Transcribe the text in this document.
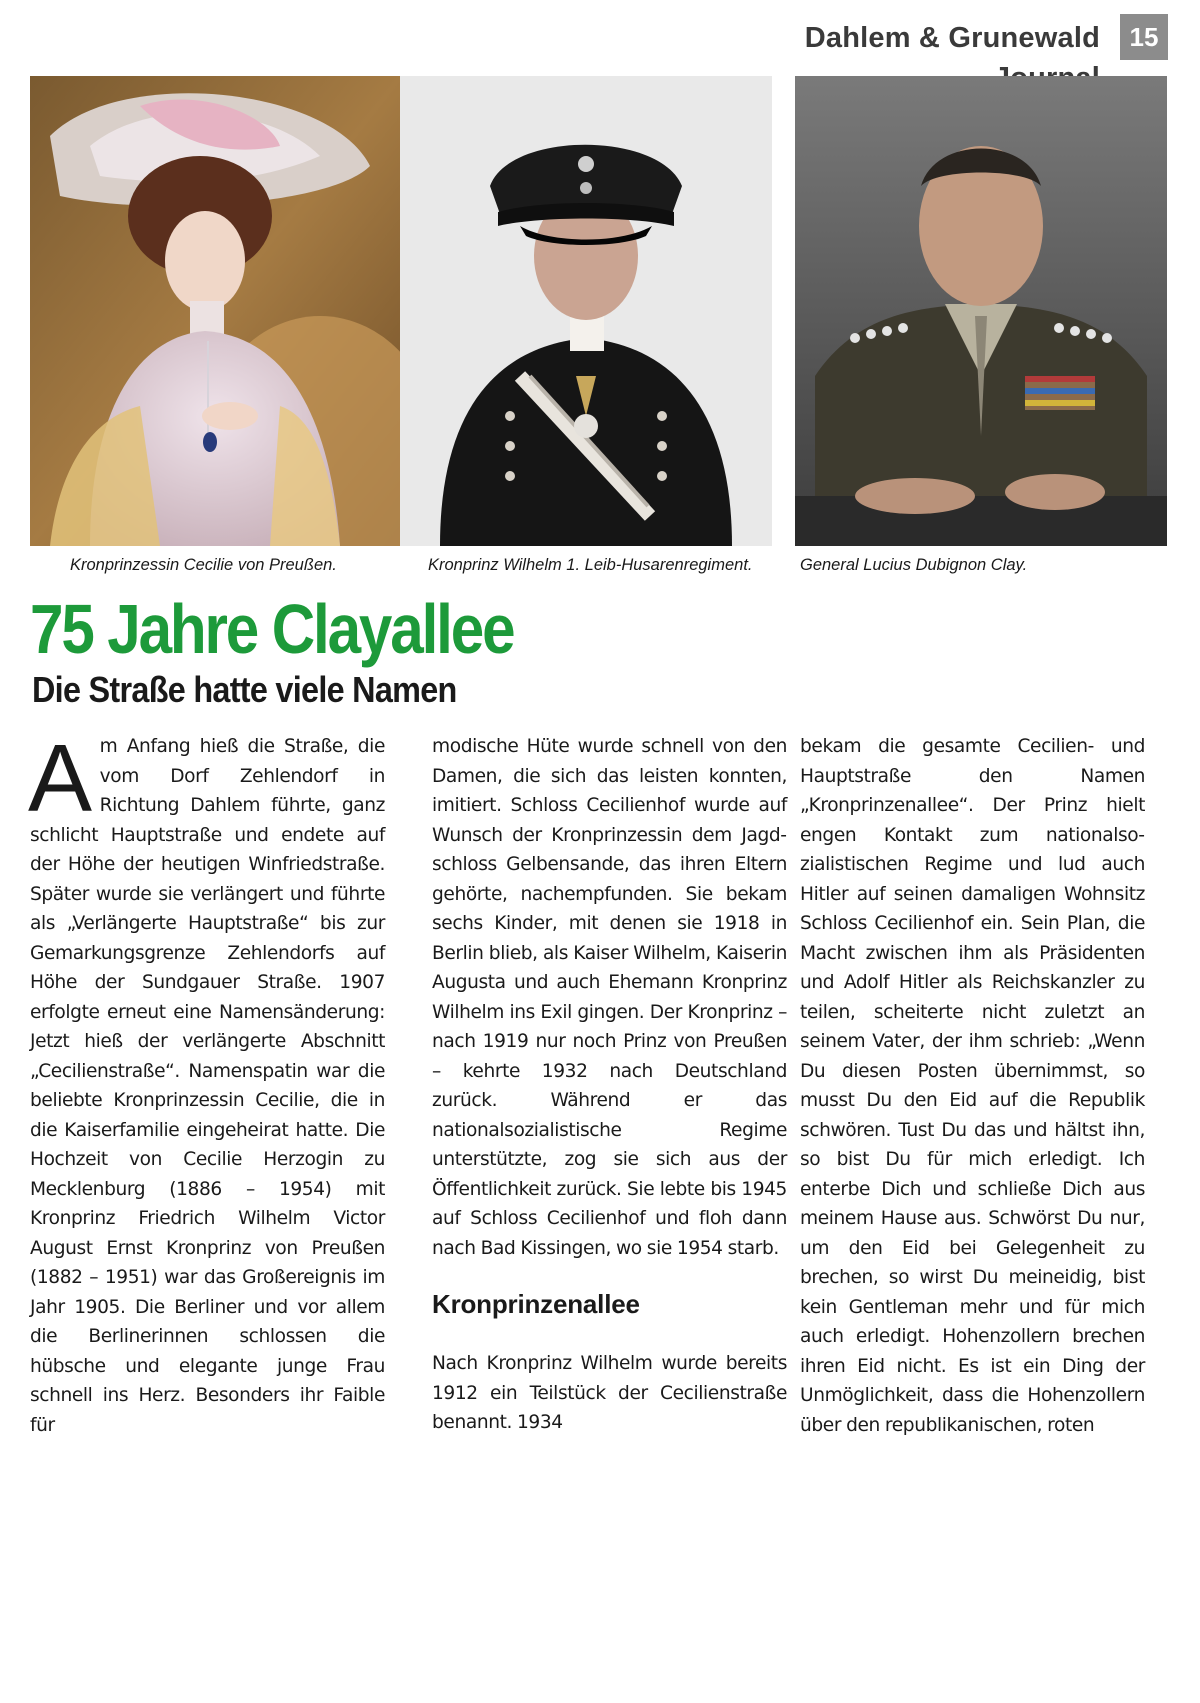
Dahlem & Grunewald	15
Kronprinzessin Cecilie von Preußen.	Kronprinz Wilhelm 1. Leib-Husarenregiment.	General Lucius Dubignon Clay.
75 Jahre Clayallee
Die Straße hatte viele Namen
A m Anfang hieß die Straße, die vom Dorf Zehlendorf in Richtung Dahlem führte, ganz schlicht Hauptstraße und endete auf der Höhe der heutigen Winfriedstraße. Später wurde sie verlängert und führte als „Verlängerte Hauptstraße“ bis zur Gemarkungsgrenze Zehlendorfs auf Höhe der Sundgauer Straße. 1907 erfolgte erneut eine Namensänderung: Jetzt hieß der verlängerte Abschnitt „Cecilienstraße“. Namenspatin war die beliebte Kronprinzessin Cecilie, die in die Kaiserfamilie eingeheirat hatte. Die Hochzeit von Cecilie Herzogin zu Mecklenburg (1886 – 1954) mit Kronprinz Friedrich Wilhelm Victor August Ernst Kronprinz von Preußen (1882 – 1951) war das Großereignis im Jahr 1905. Die Berliner und vor allem die Berlinerinnen schlossen die hübsche und elegante junge Frau schnell ins Herz. Besonders ihr Faible für

modische Hüte wurde schnell von den Damen, die sich das leisten konnten, imitiert. Schloss Cecilienhof wurde auf Wunsch der Kronprinzessin dem Jagdschloss Gelbensande, das ihren Eltern gehörte, nachempfunden. Sie bekam sechs Kinder, mit denen sie 1918 in Berlin blieb, als Kaiser Wilhelm, Kaiserin Augusta und auch Ehemann Kronprinz Wilhelm ins Exil gingen. Der Kronprinz – nach 1919 nur noch Prinz von Preußen – kehrte 1932 nach Deutschland zurück. Während er das nationalsozialistische Regime unterstützte, zog sie sich aus der Öffentlichkeit zurück. Sie lebte bis 1945 auf Schloss Cecilienhof und floh dann nach Bad Kissingen, wo sie 1954 starb.

Kronprinzenallee

Nach Kronprinz Wilhelm wurde bereits 1912 ein Teilstück der Cecilienstraße benannt. 1934

bekam die gesamte Cecilien- und Hauptstraße den Namen „Kronprinzenallee“. Der Prinz hielt engen Kontakt zum nationalsozialistischen Regime und lud auch Hitler auf seinen damaligen Wohnsitz Schloss Cecilienhof ein. Sein Plan, die Macht zwischen ihm als Präsidenten und Adolf Hitler als Reichskanzler zu teilen, scheiterte nicht zuletzt an seinem Vater, der ihm schrieb: „Wenn Du diesen Posten übernimmst, so musst Du den Eid auf die Republik schwören. Tust Du das und hältst ihn, so bist Du für mich erledigt. Ich enterbe Dich und schließe Dich aus meinem Hause aus. Schwörst Du nur, um den Eid bei Gelegenheit zu brechen, so wirst Du meineidig, bist kein Gentleman mehr und für mich auch erledigt. Hohenzollern brechen ihren Eid nicht. Es ist ein Ding der Unmöglichkeit, dass die Hohenzollern über den republikanischen, roten
